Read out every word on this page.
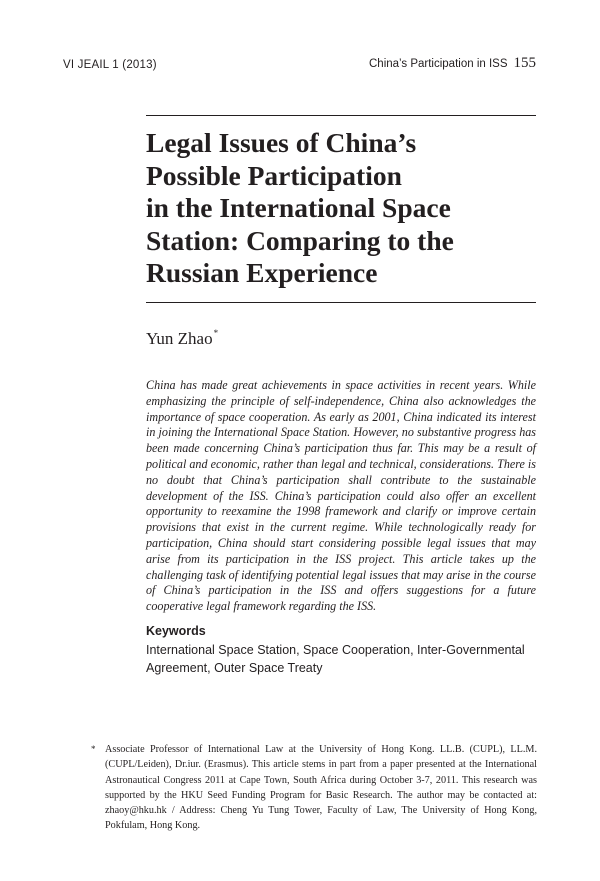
VI JEAIL 1 (2013)	China’s Participation in ISS 155
Legal Issues of China’s
Possible Participation
in the International Space
Station: Comparing to the
Russian Experience
Yun Zhao*

China has made great achievements in space activities in recent years. While emphasizing the principle of self-independence, China also acknowledges the importance of space cooperation. As early as 2001, China indicated its interest in joining the International Space Station. However, no substantive progress has been made concerning China’s participation thus far. This may be a result of political and economic, rather than legal and technical, considerations. There is no doubt that China’s participation shall contribute to the sustainable development of the ISS. China’s participation could also offer an excellent opportunity to reexamine the 1998 framework and clarify or improve certain provisions that exist in the current regime. While technologically ready for participation, China should start considering possible legal issues that may arise from its participation in the ISS project. This article takes up the challenging task of identifying potential legal issues that may arise in the course of China’s participation in the ISS and offers suggestions for a future cooperative legal framework regarding the ISS.

Keywords

International Space Station, Space Cooperation, Inter-Governmental Agreement, Outer Space Treaty

* Associate Professor of International Law at the University of Hong Kong. LL.B. (CUPL), LL.M. (CUPL/Leiden), Dr.iur. (Erasmus). This article stems in part from a paper presented at the International Astronautical Congress 2011 at Cape Town, South Africa during October 3-7, 2011. This research was supported by the HKU Seed Funding Program for Basic Research. The author may be contacted at: zhaoy@hku.hk / Address: Cheng Yu Tung Tower, Faculty of Law, The University of Hong Kong, Pokfulam, Hong Kong.
